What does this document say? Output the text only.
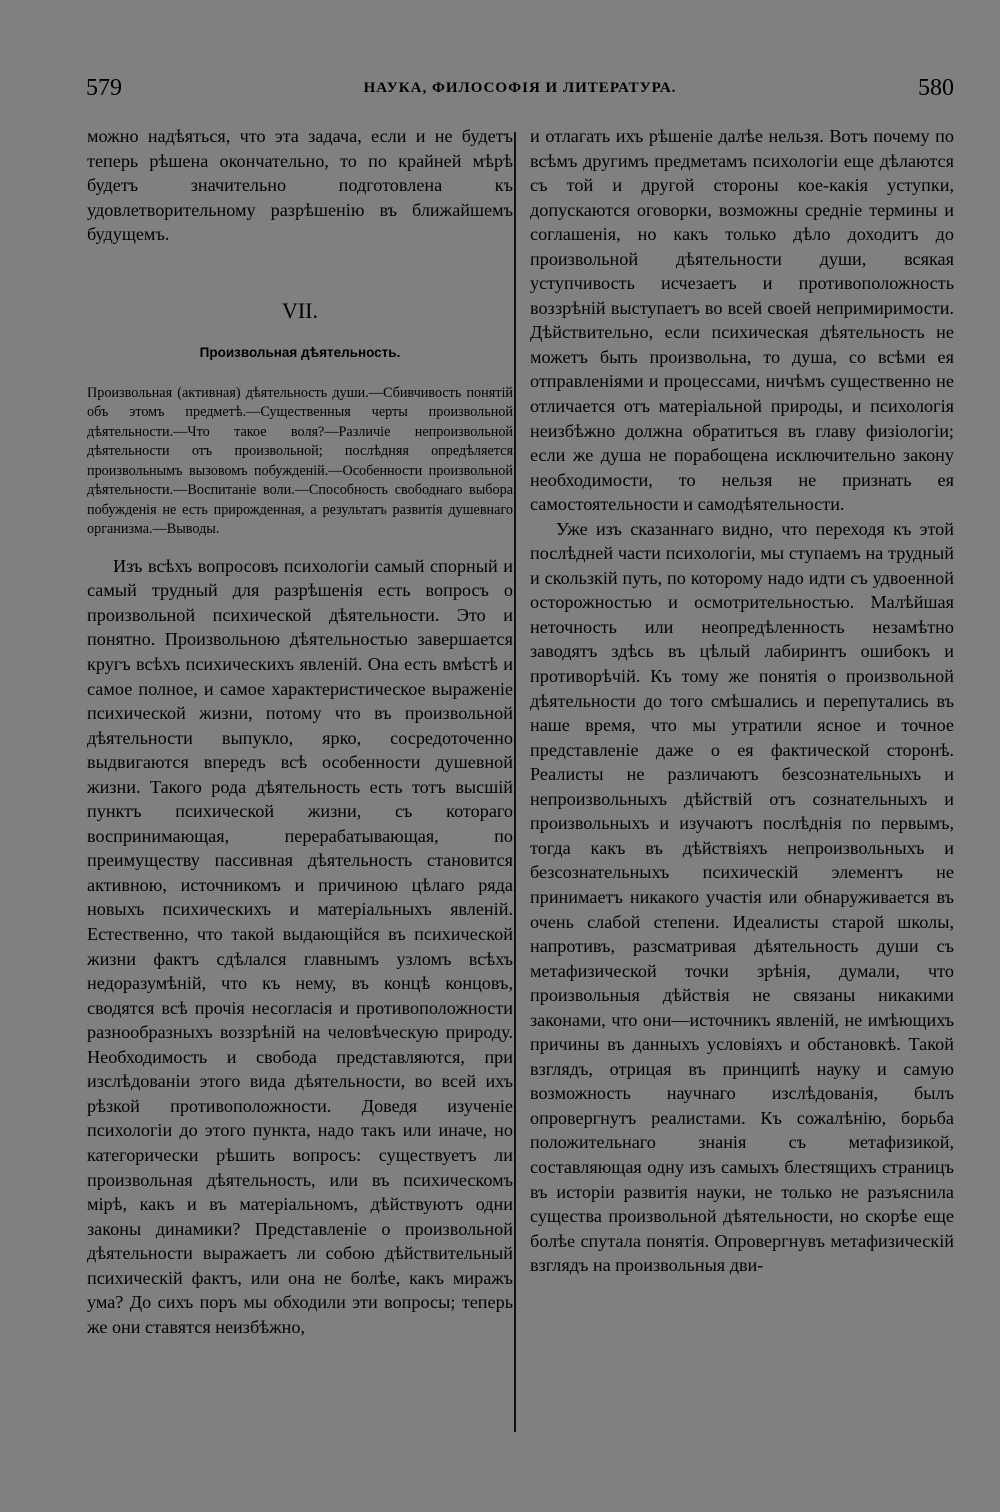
579	НАУКА, ФИЛОСОФІЯ И ЛИТЕРАТУРА.	580

можно надѣяться, что эта задача, если и не будетъ теперь рѣшена окончательно, то по крайней мѣрѣ будетъ значительно подготовлена къ удовлетворительному разрѣшенію въ ближайшемъ будущемъ.

VII.
Произвольная дѣятельность.

Произвольная (активная) дѣятельность души.—Сбивчивость понятій объ этомъ предметѣ.—Существенныя черты произвольной дѣятельности.—Что такое воля?—Различіе непроизвольной дѣятельности отъ произвольной; послѣдняя опредѣляется произвольнымъ вызовомъ побужденій.—Особенности произвольной дѣятельности.—Воспитаніе воли.—Способность свободнаго выбора побужденія не есть прирожденная, а результатъ развитія душевнаго организма.—Выводы.

Изъ всѣхъ вопросовъ психологіи самый спорный и самый трудный для разрѣшенія есть вопросъ о произвольной психической дѣятельности. Это и понятно. Произвольною дѣятельностью завершается кругъ всѣхъ психическихъ явленій. Она есть вмѣстѣ и самое полное, и самое характеристическое выраженіе психической жизни, потому что въ произвольной дѣятельности выпукло, ярко, сосредоточенно выдвигаются впередъ всѣ особенности душевной жизни. Такого рода дѣятельность есть тотъ высшій пунктъ психической жизни, съ котораго воспринимающая, перерабатывающая, по преимуществу пассивная дѣятельность становится активною, источникомъ и причиною цѣлаго ряда новыхъ психическихъ и матеріальныхъ явленій. Естественно, что такой выдающійся въ психической жизни фактъ сдѣлался главнымъ узломъ всѣхъ недоразумѣній, что къ нему, въ концѣ концовъ, сводятся всѣ прочія несогласія и противоположности разнообразныхъ воззрѣній на человѣческую природу. Необходимость и свобода представляются, при изслѣдованіи этого вида дѣятельности, во всей ихъ рѣзкой противоположности. Доведя изученіе психологіи до этого пункта, надо такъ или иначе, но категорически рѣшить вопросъ: существуетъ ли произвольная дѣятельность, или въ психическомъ мірѣ, какъ и въ матеріальномъ, дѣйствуютъ одни законы динамики? Представленіе о произвольной дѣятельности выражаетъ ли собою дѣйствительный психическій фактъ, или она не болѣе, какъ миражъ ума? До сихъ поръ мы обходили эти вопросы; теперь же они ставятся неизбѣжно,

и отлагать ихъ рѣшеніе далѣе нельзя. Вотъ почему по всѣмъ другимъ предметамъ психологіи еще дѣлаются съ той и другой стороны кое-какія уступки, допускаются оговорки, возможны средніе термины и соглашенія, но какъ только дѣло доходитъ до произвольной дѣятельности души, всякая уступчивость исчезаетъ и противоположность воззрѣній выступаетъ во всей своей непримиримости. Дѣйствительно, если психическая дѣятельность не можетъ быть произвольна, то душа, со всѣми ея отправленіями и процессами, ничѣмъ существенно не отличается отъ матеріальной природы, и психологія неизбѣжно должна обратиться въ главу физіологіи; если же душа не порабощена исключительно закону необходимости, то нельзя не признать ея самостоятельности и самодѣятельности.

Уже изъ сказаннаго видно, что переходя къ этой послѣдней части психологіи, мы ступаемъ на трудный и скользкій путь, по которому надо идти съ удвоенной осторожностью и осмотрительностью. Малѣйшая неточность или неопредѣленность незамѣтно заводятъ здѣсь въ цѣлый лабиринтъ ошибокъ и противорѣчій. Къ тому же понятія о произвольной дѣятельности до того смѣшались и перепутались въ наше время, что мы утратили ясное и точное представленіе даже о ея фактической сторонѣ. Реалисты не различаютъ безсознательныхъ и непроизвольныхъ дѣйствій отъ сознательныхъ и произвольныхъ и изучаютъ послѣднія по первымъ, тогда какъ въ дѣйствіяхъ непроизвольныхъ и безсознательныхъ психическій элементъ не принимаетъ никакого участія или обнаруживается въ очень слабой степени. Идеалисты старой школы, напротивъ, разсматривая дѣятельность души съ метафизической точки зрѣнія, думали, что произвольныя дѣйствія не связаны никакими законами, что они—источникъ явленій, не имѣющихъ причины въ данныхъ условіяхъ и обстановкѣ. Такой взглядъ, отрицая въ принципѣ науку и самую возможность научнаго изслѣдованія, былъ опровергнутъ реалистами. Къ сожалѣнію, борьба положительнаго знанія съ метафизикой, составляющая одну изъ самыхъ блестящихъ страницъ въ исторіи развитія науки, не только не разъяснила существа произвольной дѣятельности, но скорѣе еще болѣе спутала понятія. Опровергнувъ метафизическій взглядъ на произвольныя дви-
